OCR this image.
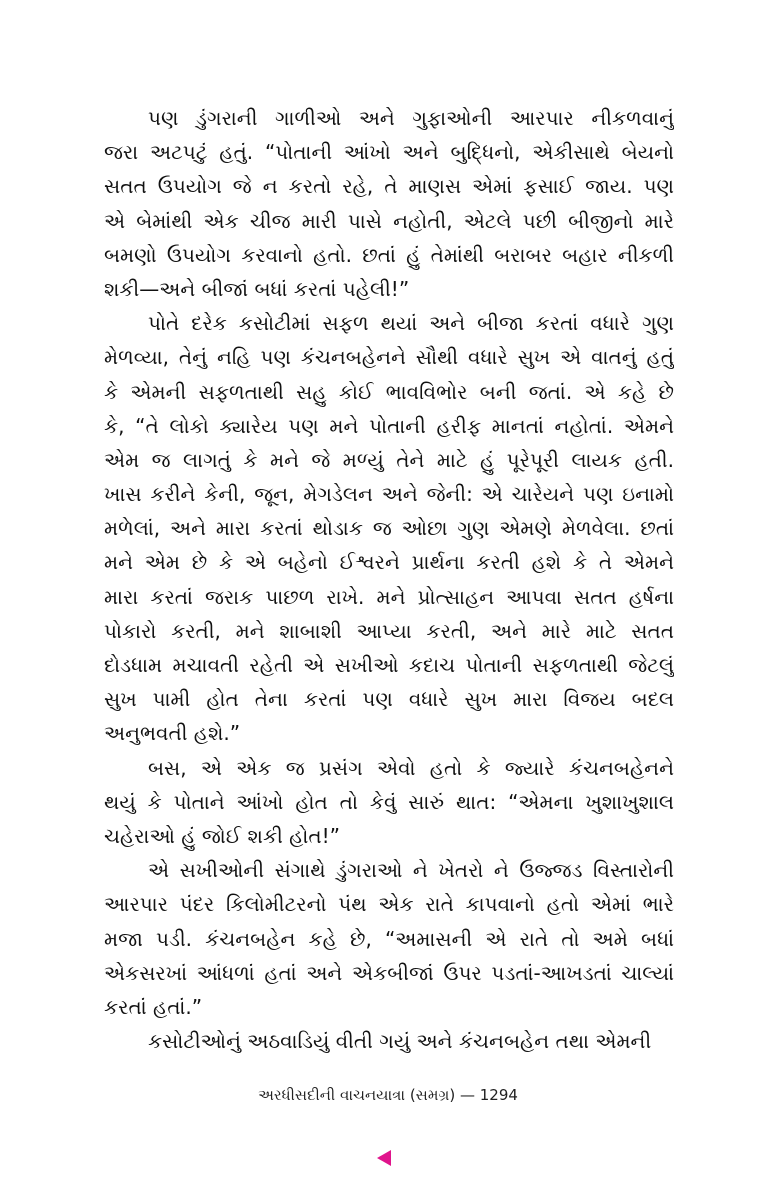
પણ ડુંગરાની ગાળીઓ અને ગુફાઓની આરપાર નીકળવાનું
જરા અટપટું હતું. “પોતાની આંખો અને બુદ્ધિનો, એકીસાથે બેયનો
સતત ઉપયોગ જે ન કરતો રહે, તે માણસ એમાં ફસાઈ જાય. પણ
એ બેમાંથી એક ચીજ મારી પાસે નહોતી, એટલે પછી બીજીનો મારે
બમણો ઉપયોગ કરવાનો હતો. છતાં હું તેમાંથી બરાબર બહાર નીકળી
શકી—અને બીજાં બધાં કરતાં પહેલી!”
પોતે દરેક કસોટીમાં સફળ થયાં અને બીજા કરતાં વધારે ગુણ
મેળવ્યા, તેનું નહિ પણ કંચનબહેનને સૌથી વધારે સુખ એ વાતનું હતું
કે એમની સફળતાથી સહુ કોઈ ભાવવિભોર બની જતાં. એ કહે છે
કે, “તે લોકો ક્યારેય પણ મને પોતાની હરીફ માનતાં નહોતાં. એમને
એમ જ લાગતું કે મને જે મળ્યું તેને માટે હું પૂરેપૂરી લાયક હતી.
ખાસ કરીને કેની, જૂન, મેગડેલન અને જેની: એ ચારેયને પણ ઇનામો
મળેલાં, અને મારા કરતાં થોડાક જ ઓછા ગુણ એમણે મેળવેલા. છતાં
મને એમ છે કે એ બહેનો ઈશ્વરને પ્રાર્થના કરતી હશે કે તે એમને
મારા કરતાં જરાક પાછળ રાખે. મને પ્રોત્સાહન આપવા સતત હર્ષના
પોકારો કરતી, મને શાબાશી આપ્યા કરતી, અને મારે માટે સતત
દોડધામ મચાવતી રહેતી એ સખીઓ કદાચ પોતાની સફળતાથી જેટલું
સુખ પામી હોત તેના કરતાં પણ વધારે સુખ મારા વિજય બદલ
અનુભવતી હશે.”
બસ, એ એક જ પ્રસંગ એવો હતો કે જ્યારે કંચનબહેનને
થયું કે પોતાને આંખો હોત તો કેવું સારું થાત: “એમના ખુશાખુશાલ
ચહેરાઓ હું જોઈ શકી હોત!”
એ સખીઓની સંગાથે ડુંગરાઓ ને ખેતરો ને ઉજ્જડ વિસ્તારોની
આરપાર પંદર કિલોમીટરનો પંથ એક રાતે કાપવાનો હતો એમાં ભારે
મજા પડી. કંચનબહેન કહે છે, “અમાસની એ રાતે તો અમે બધાં
એકસરખાં આંધળાં હતાં અને એકબીજાં ઉપર પડતાં-આખડતાં ચાલ્યાં
કરતાં હતાં.”
કસોટીઓનું અઠવાડિયું વીતી ગયું અને કંચનબહેન તથા એમની
અરધીસદીની વાચનયાત્રા (સમગ્ર) — 1294
